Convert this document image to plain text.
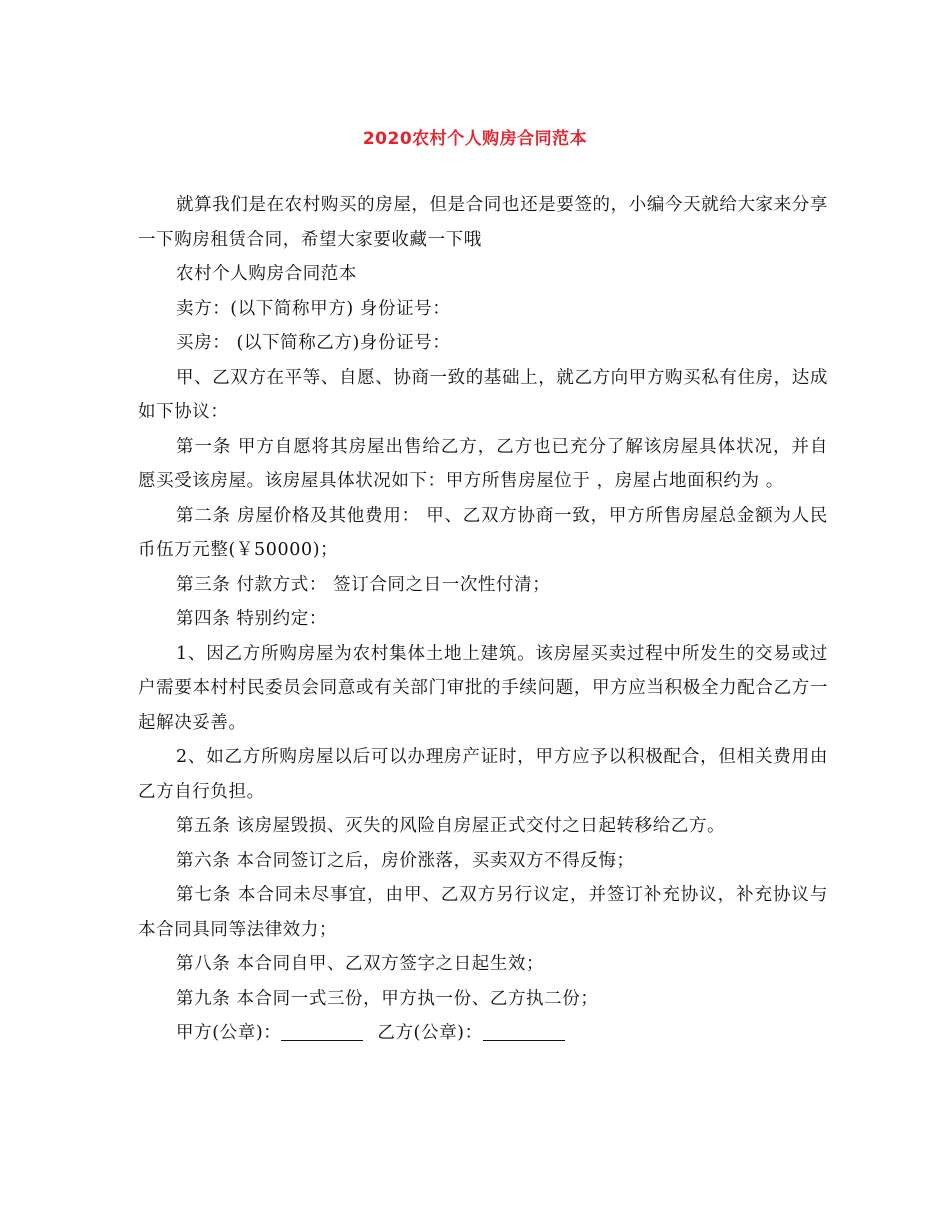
2020农村个人购房合同范本

就算我们是在农村购买的房屋，但是合同也还是要签的，小编今天就给大家来分享一下购房租赁合同，希望大家要收藏一下哦

农村个人购房合同范本

卖方：(以下简称甲方) 身份证号：

买房： (以下简称乙方)身份证号：

甲、乙双方在平等、自愿、协商一致的基础上，就乙方向甲方购买私有住房，达成如下协议：

第一条 甲方自愿将其房屋出售给乙方，乙方也已充分了解该房屋具体状况，并自愿买受该房屋。该房屋具体状况如下：甲方所售房屋位于 ，房屋占地面积约为 。

第二条 房屋价格及其他费用： 甲、乙双方协商一致，甲方所售房屋总金额为人民币伍万元整(￥50000)；

第三条 付款方式： 签订合同之日一次性付清；

第四条 特别约定：

1、因乙方所购房屋为农村集体土地上建筑。该房屋买卖过程中所发生的交易或过户需要本村村民委员会同意或有关部门审批的手续问题，甲方应当积极全力配合乙方一起解决妥善。

2、如乙方所购房屋以后可以办理房产证时，甲方应予以积极配合，但相关费用由乙方自行负担。

第五条 该房屋毁损、灭失的风险自房屋正式交付之日起转移给乙方。

第六条 本合同签订之后，房价涨落，买卖双方不得反悔；

第七条 本合同未尽事宜，由甲、乙双方另行议定，并签订补充协议，补充协议与本合同具同等法律效力；

第八条 本合同自甲、乙双方签字之日起生效；

第九条 本合同一式三份，甲方执一份、乙方执二份；

甲方(公章)：	乙方(公章)：
